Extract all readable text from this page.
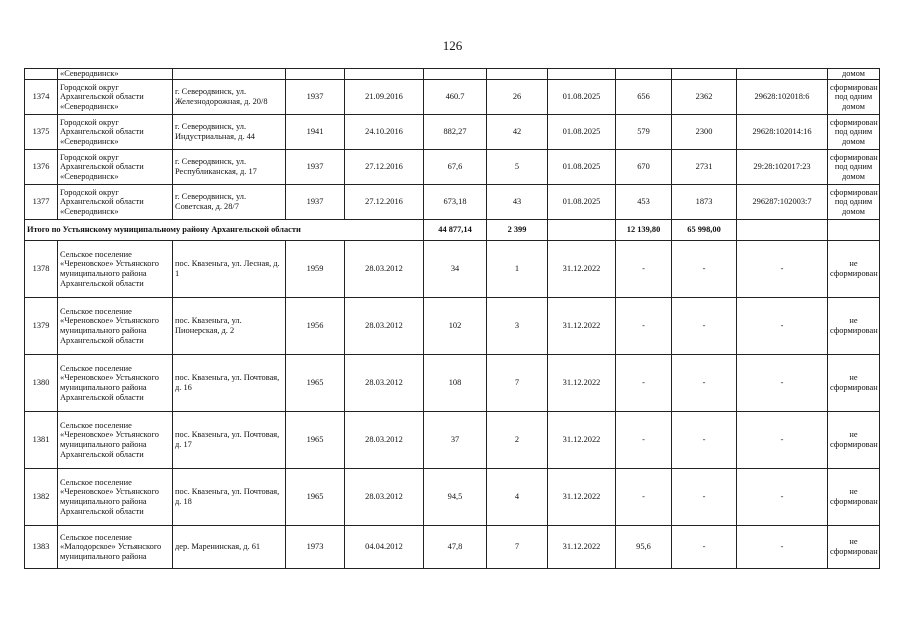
126
	«Северодвинск»										домом
1374	Городской округ Архангельской области «Северодвинск»	г. Северодвинск, ул. Железнодорожная, д. 20/8	1937	21.09.2016	460.7	26	01.08.2025	656	2362	29628:102018:6	сформирован под одним домом
1375	Городской округ Архангельской области «Северодвинск»	г. Северодвинск, ул. Индустриальная, д. 44	1941	24.10.2016	882,27	42	01.08.2025	579	2300	29628:102014:16	сформирован под одним домом
1376	Городской округ Архангельской области «Северодвинск»	г. Северодвинск, ул. Республиканская, д. 17	1937	27.12.2016	67,6	5	01.08.2025	670	2731	29:28:102017:23	сформирован под одним домом
1377	Городской округ Архангельской области «Северодвинск»	г. Северодвинск, ул. Советская, д. 28/7	1937	27.12.2016	673,18	43	01.08.2025	453	1873	296287:102003:7	сформирован под одним домом
Итого по Устьянскому муниципальному району Архангельской области					44 877,14	2 399		12 139,80	65 998,00		
1378	Сельское поселение «Череновское» Устьянского муниципального района Архангельской области	пос. Квазеньга, ул. Лесная, д. 1	1959	28.03.2012	34	1	31.12.2022	-	-	-	не сформирован
1379	Сельское поселение «Череновское» Устьянского муниципального района Архангельской области	пос. Квазеньга, ул. Пионерская, д. 2	1956	28.03.2012	102	3	31.12.2022	-	-	-	не сформирован
1380	Сельское поселение «Череновское» Устьянского муниципального района Архангельской области	пос. Квазеньга, ул. Почтовая, д. 16	1965	28.03.2012	108	7	31.12.2022	-	-	-	не сформирован
1381	Сельское поселение «Череновское» Устьянского муниципального района Архангельской области	пос. Квазеньга, ул. Почтовая, д. 17	1965	28.03.2012	37	2	31.12.2022	-	-	-	не сформирован
1382	Сельское поселение «Череновское» Устьянского муниципального района Архангельской области	пос. Квазеньга, ул. Почтовая, д. 18	1965	28.03.2012	94,5	4	31.12.2022	-	-	-	не сформирован
1383	Сельское поселение «Малодорское» Устьянского муниципального района	дер. Маренинская, д. 61	1973	04.04.2012	47,8	7	31.12.2022	95,6	-	-	не сформирован
